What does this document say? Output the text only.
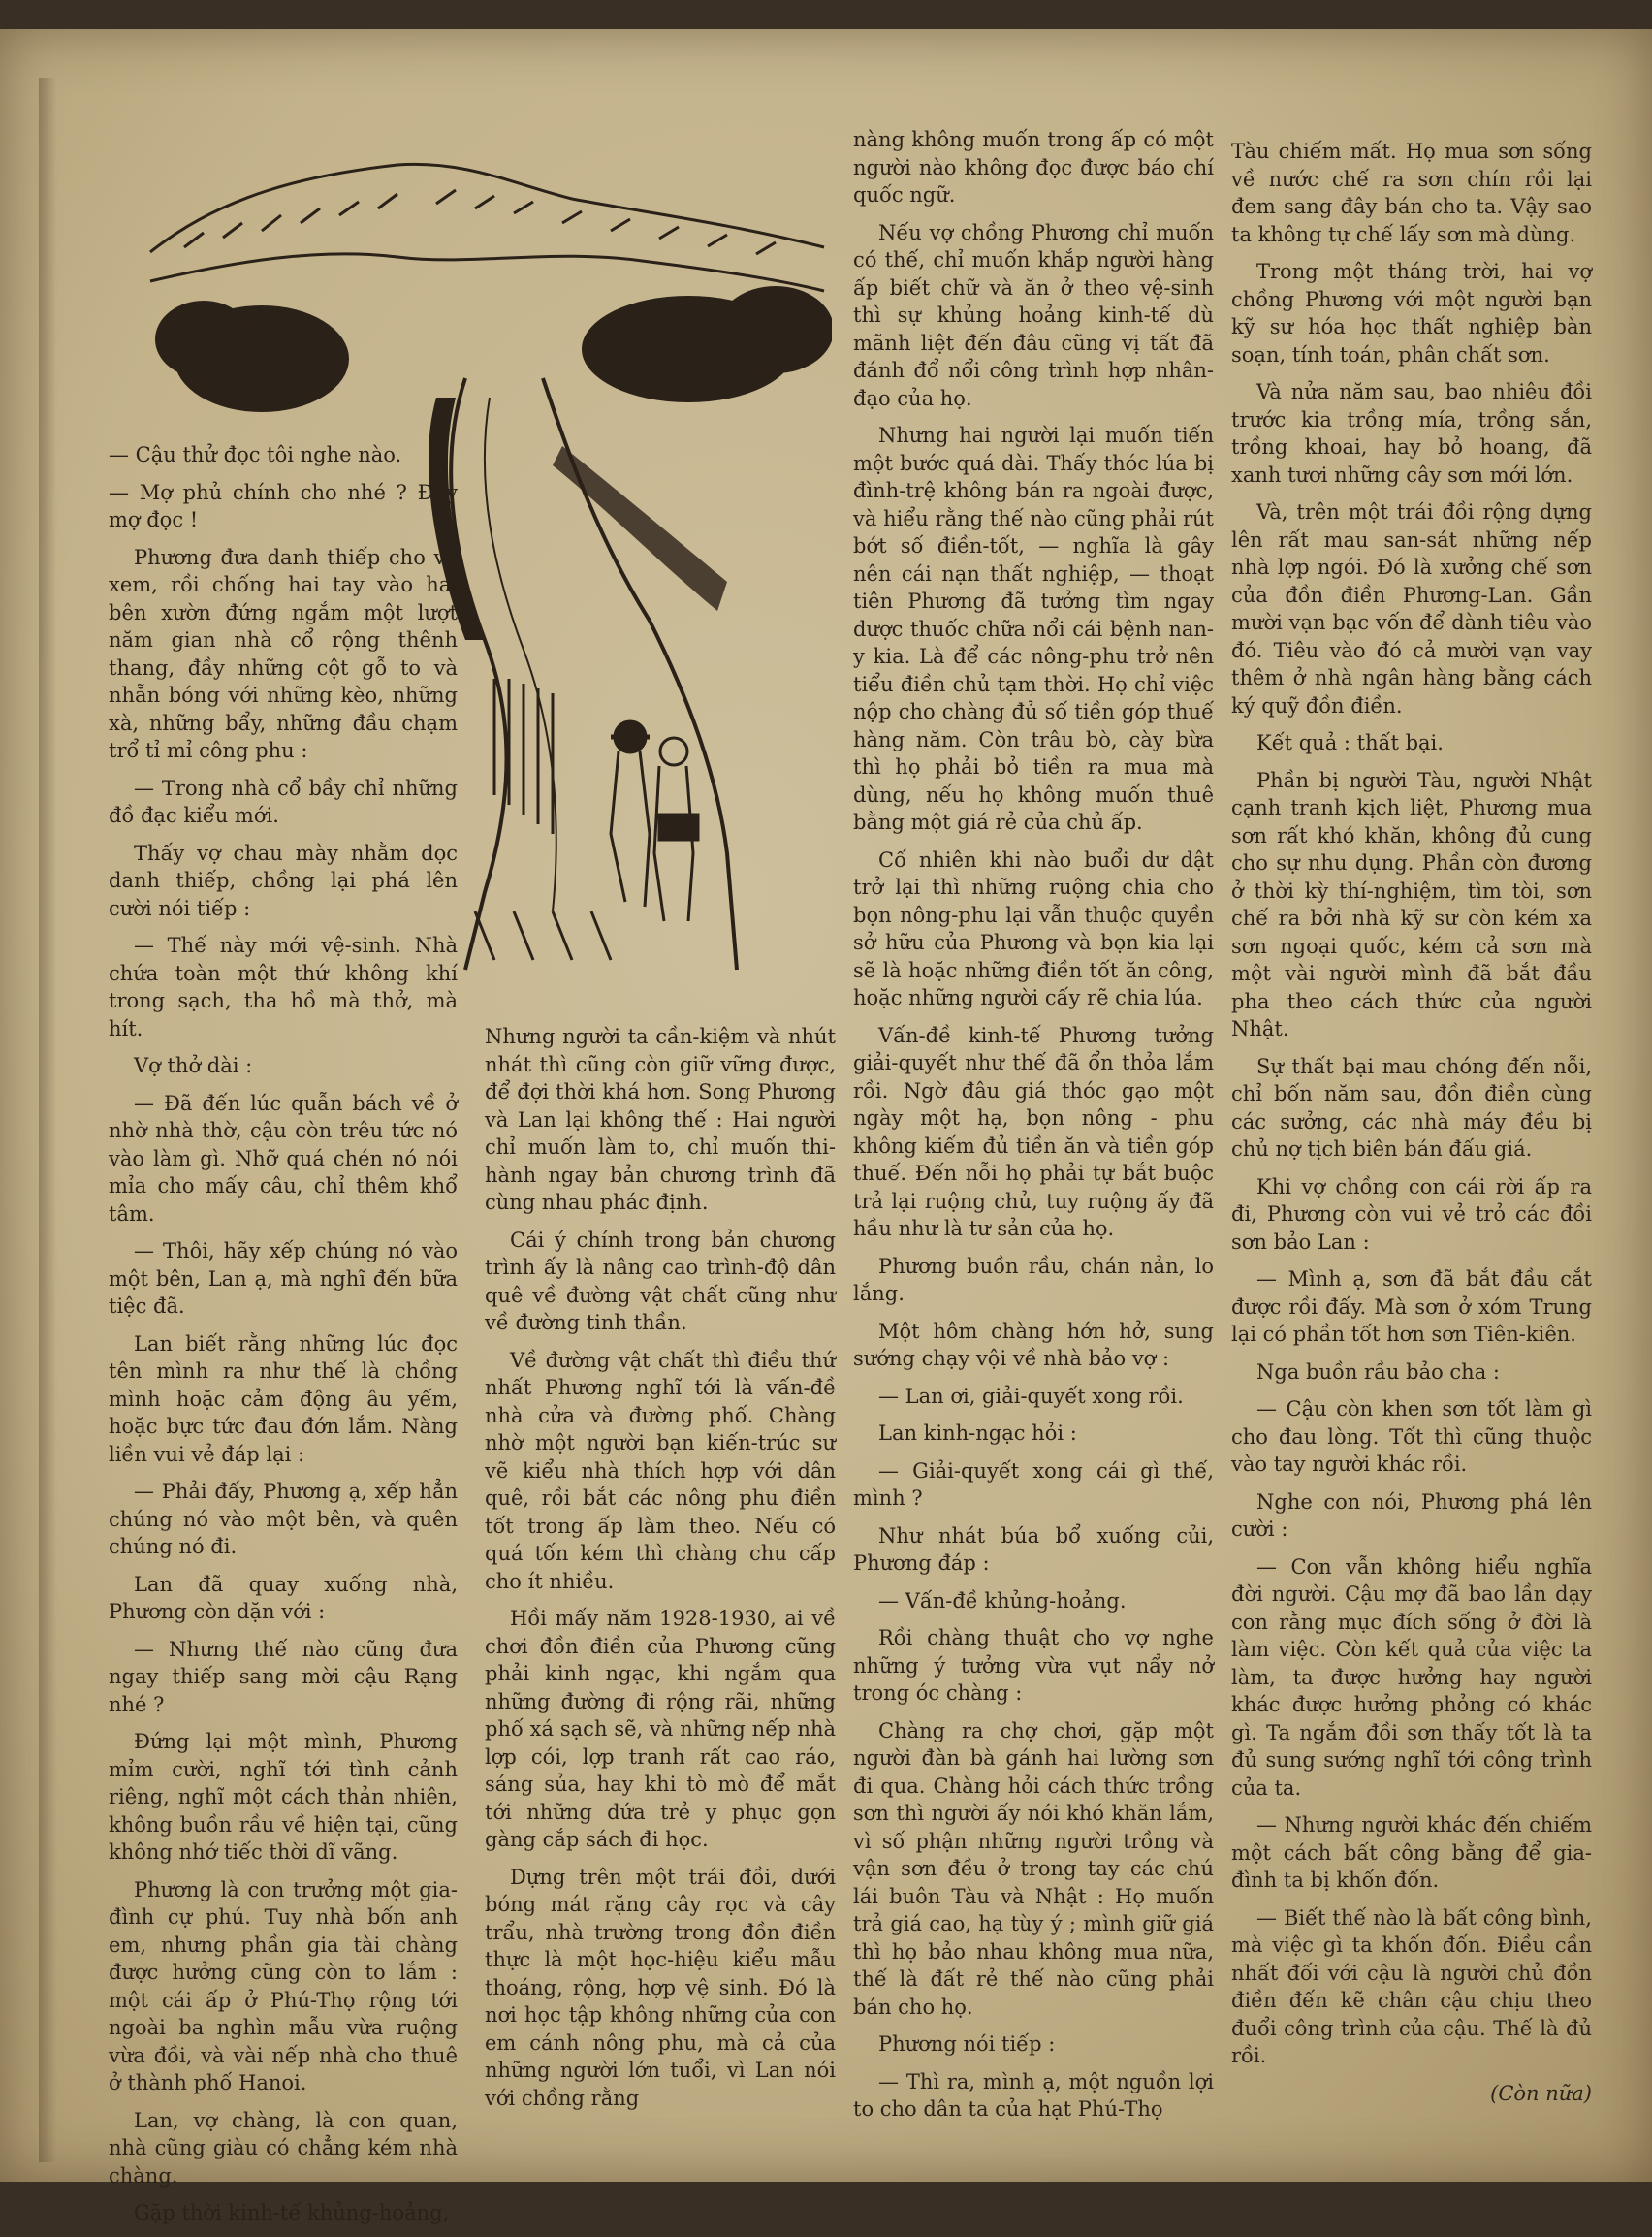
— Cậu thử đọc tôi nghe nào.

— Mợ phủ chính cho nhé ? Đây mợ đọc !

Phương đưa danh thiếp cho vợ xem, rồi chống hai tay vào hai bên xườn đứng ngắm một lượt năm gian nhà cổ rộng thênh thang, đầy những cột gỗ to và nhẵn bóng với những kèo, những xà, những bẩy, những đầu chạm trổ tỉ mỉ công phu :

— Trong nhà cổ bầy chỉ những đồ đạc kiểu mới.

Thấy vợ chau mày nhằm đọc danh thiếp, chồng lại phá lên cười nói tiếp :

— Thế này mới vệ-sinh. Nhà chứa toàn một thứ không khí trong sạch, tha hồ mà thở, mà hít.

Vợ thở dài :

— Đã đến lúc quẫn bách về ở nhờ nhà thờ, cậu còn trêu tức nó vào làm gì. Nhỡ quá chén nó nói mỉa cho mấy câu, chỉ thêm khổ tâm.

— Thôi, hãy xếp chúng nó vào một bên, Lan ạ, mà nghĩ đến bữa tiệc đã.

Lan biết rằng những lúc đọc tên mình ra như thế là chồng mình hoặc cảm động âu yếm, hoặc bực tức đau đớn lắm. Nàng liền vui vẻ đáp lại :

— Phải đấy, Phương ạ, xếp hẳn chúng nó vào một bên, và quên chúng nó đi.

Lan đã quay xuống nhà, Phương còn dặn với :

— Nhưng thế nào cũng đưa ngay thiếp sang mời cậu Rạng nhé ?

Đứng lại một mình, Phương mỉm cười, nghĩ tới tình cảnh riêng, nghĩ một cách thản nhiên, không buồn rầu về hiện tại, cũng không nhớ tiếc thời dĩ vãng.

Phương là con trưởng một gia-đình cự phú. Tuy nhà bốn anh em, nhưng phần gia tài chàng được hưởng cũng còn to lắm : một cái ấp ở Phú-Thọ rộng tới ngoài ba nghìn mẫu vừa ruộng vừa đồi, và vài nếp nhà cho thuê ở thành phố Hanoi.

Lan, vợ chàng, là con quan, nhà cũng giàu có chẳng kém nhà chàng.

Gặp thời kinh-tế khủng-hoảng,

Nhưng người ta cần-kiệm và nhút nhát thì cũng còn giữ vững được, để đợi thời khá hơn. Song Phương và Lan lại không thế : Hai người chỉ muốn làm to, chỉ muốn thi-hành ngay bản chương trình đã cùng nhau phác định.

Cái ý chính trong bản chương trình ấy là nâng cao trình-độ dân quê về đường vật chất cũng như về đường tinh thần.

Về đường vật chất thì điều thứ nhất Phương nghĩ tới là vấn-đề nhà cửa và đường phố. Chàng nhờ một người bạn kiến-trúc sư vẽ kiểu nhà thích hợp với dân quê, rồi bắt các nông phu điền tốt trong ấp làm theo. Nếu có quá tốn kém thì chàng chu cấp cho ít nhiều.

Hồi mấy năm 1928-1930, ai về chơi đồn điền của Phương cũng phải kinh ngạc, khi ngắm qua những đường đi rộng rãi, những phố xá sạch sẽ, và những nếp nhà lợp cói, lợp tranh rất cao ráo, sáng sủa, hay khi tò mò để mắt tới những đứa trẻ y phục gọn gàng cắp sách đi học.

Dựng trên một trái đồi, dưới bóng mát rặng cây rọc và cây trẩu, nhà trường trong đồn điền thực là một học-hiệu kiểu mẫu thoáng, rộng, hợp vệ sinh. Đó là nơi học tập không những của con em cánh nông phu, mà cả của những người lớn tuổi, vì Lan nói với chồng rằng

nàng không muốn trong ấp có một người nào không đọc được báo chí quốc ngữ.

Nếu vợ chồng Phương chỉ muốn có thế, chỉ muốn khắp người hàng ấp biết chữ và ăn ở theo vệ-sinh thì sự khủng hoảng kinh-tế dù mãnh liệt đến đâu cũng vị tất đã đánh đổ nổi công trình hợp nhân-đạo của họ.

Nhưng hai người lại muốn tiến một bước quá dài. Thấy thóc lúa bị đình-trệ không bán ra ngoài được, và hiểu rằng thế nào cũng phải rút bớt số điền-tốt, — nghĩa là gây nên cái nạn thất nghiệp, — thoạt tiên Phương đã tưởng tìm ngay được thuốc chữa nổi cái bệnh nan-y kia. Là để các nông-phu trở nên tiểu điền chủ tạm thời. Họ chỉ việc nộp cho chàng đủ số tiền góp thuế hàng năm. Còn trâu bò, cày bừa thì họ phải bỏ tiền ra mua mà dùng, nếu họ không muốn thuê bằng một giá rẻ của chủ ấp.

Cố nhiên khi nào buổi dư dật trở lại thì những ruộng chia cho bọn nông-phu lại vẫn thuộc quyền sở hữu của Phương và bọn kia lại sẽ là hoặc những điền tốt ăn công, hoặc những người cấy rẽ chia lúa.

Vấn-đề kinh-tế Phương tưởng giải-quyết như thế đã ổn thỏa lắm rồi. Ngờ đâu giá thóc gạo một ngày một hạ, bọn nông - phu không kiếm đủ tiền ăn và tiền góp thuế. Đến nỗi họ phải tự bắt buộc trả lại ruộng chủ, tuy ruộng ấy đã hầu như là tư sản của họ.

Phương buồn rầu, chán nản, lo lắng.

Một hôm chàng hớn hở, sung sướng chạy vội về nhà bảo vợ :

— Lan ơi, giải-quyết xong rồi.

Lan kinh-ngạc hỏi :

— Giải-quyết xong cái gì thế, mình ?

Như nhát búa bổ xuống củi, Phương đáp :

— Vấn-đề khủng-hoảng.

Rồi chàng thuật cho vợ nghe những ý tưởng vừa vụt nẩy nở trong óc chàng :

Chàng ra chợ chơi, gặp một người đàn bà gánh hai lường sơn đi qua. Chàng hỏi cách thức trồng sơn thì người ấy nói khó khăn lắm, vì số phận những người trồng và vận sơn đều ở trong tay các chú lái buôn Tàu và Nhật : Họ muốn trả giá cao, hạ tùy ý ; mình giữ giá thì họ bảo nhau không mua nữa, thế là đất rẻ thế nào cũng phải bán cho họ.

Phương nói tiếp :

— Thì ra, mình ạ, một nguồn lợi to cho dân ta của hạt Phú-Thọ

Tàu chiếm mất. Họ mua sơn sống về nước chế ra sơn chín rồi lại đem sang đây bán cho ta. Vậy sao ta không tự chế lấy sơn mà dùng.

Trong một tháng trời, hai vợ chồng Phương với một người bạn kỹ sư hóa học thất nghiệp bàn soạn, tính toán, phân chất sơn.

Và nửa năm sau, bao nhiêu đồi trước kia trồng mía, trồng sắn, trồng khoai, hay bỏ hoang, đã xanh tươi những cây sơn mới lớn.

Và, trên một trái đồi rộng dựng lên rất mau san-sát những nếp nhà lợp ngói. Đó là xưởng chế sơn của đồn điền Phương-Lan. Gần mười vạn bạc vốn để dành tiêu vào đó. Tiêu vào đó cả mười vạn vay thêm ở nhà ngân hàng bằng cách ký quỹ đồn điền.

Kết quả : thất bại.

Phần bị người Tàu, người Nhật cạnh tranh kịch liệt, Phương mua sơn rất khó khăn, không đủ cung cho sự nhu dụng. Phần còn đương ở thời kỳ thí-nghiệm, tìm tòi, sơn chế ra bởi nhà kỹ sư còn kém xa sơn ngoại quốc, kém cả sơn mà một vài người mình đã bắt đầu pha theo cách thức của người Nhật.

Sự thất bại mau chóng đến nỗi, chỉ bốn năm sau, đồn điền cùng các sưởng, các nhà máy đều bị chủ nợ tịch biên bán đấu giá.

Khi vợ chồng con cái rời ấp ra đi, Phương còn vui vẻ trỏ các đồi sơn bảo Lan :

— Mình ạ, sơn đã bắt đầu cắt được rồi đấy. Mà sơn ở xóm Trung lại có phần tốt hơn sơn Tiên-kiên.

Nga buồn rầu bảo cha :

— Cậu còn khen sơn tốt làm gì cho đau lòng. Tốt thì cũng thuộc vào tay người khác rồi.

Nghe con nói, Phương phá lên cười :

— Con vẫn không hiểu nghĩa đời người. Cậu mợ đã bao lần dạy con rằng mục đích sống ở đời là làm việc. Còn kết quả của việc ta làm, ta được hưởng hay người khác được hưởng phỏng có khác gì. Ta ngắm đồi sơn thấy tốt là ta đủ sung sướng nghĩ tới công trình của ta.

— Nhưng người khác đến chiếm một cách bất công bằng để gia-đình ta bị khốn đốn.

— Biết thế nào là bất công bình, mà việc gì ta khốn đốn. Điều cần nhất đối với cậu là người chủ đồn điền đến kẽ chân cậu chịu theo đuổi công trình của cậu. Thế là đủ rồi.

(Còn nữa)
